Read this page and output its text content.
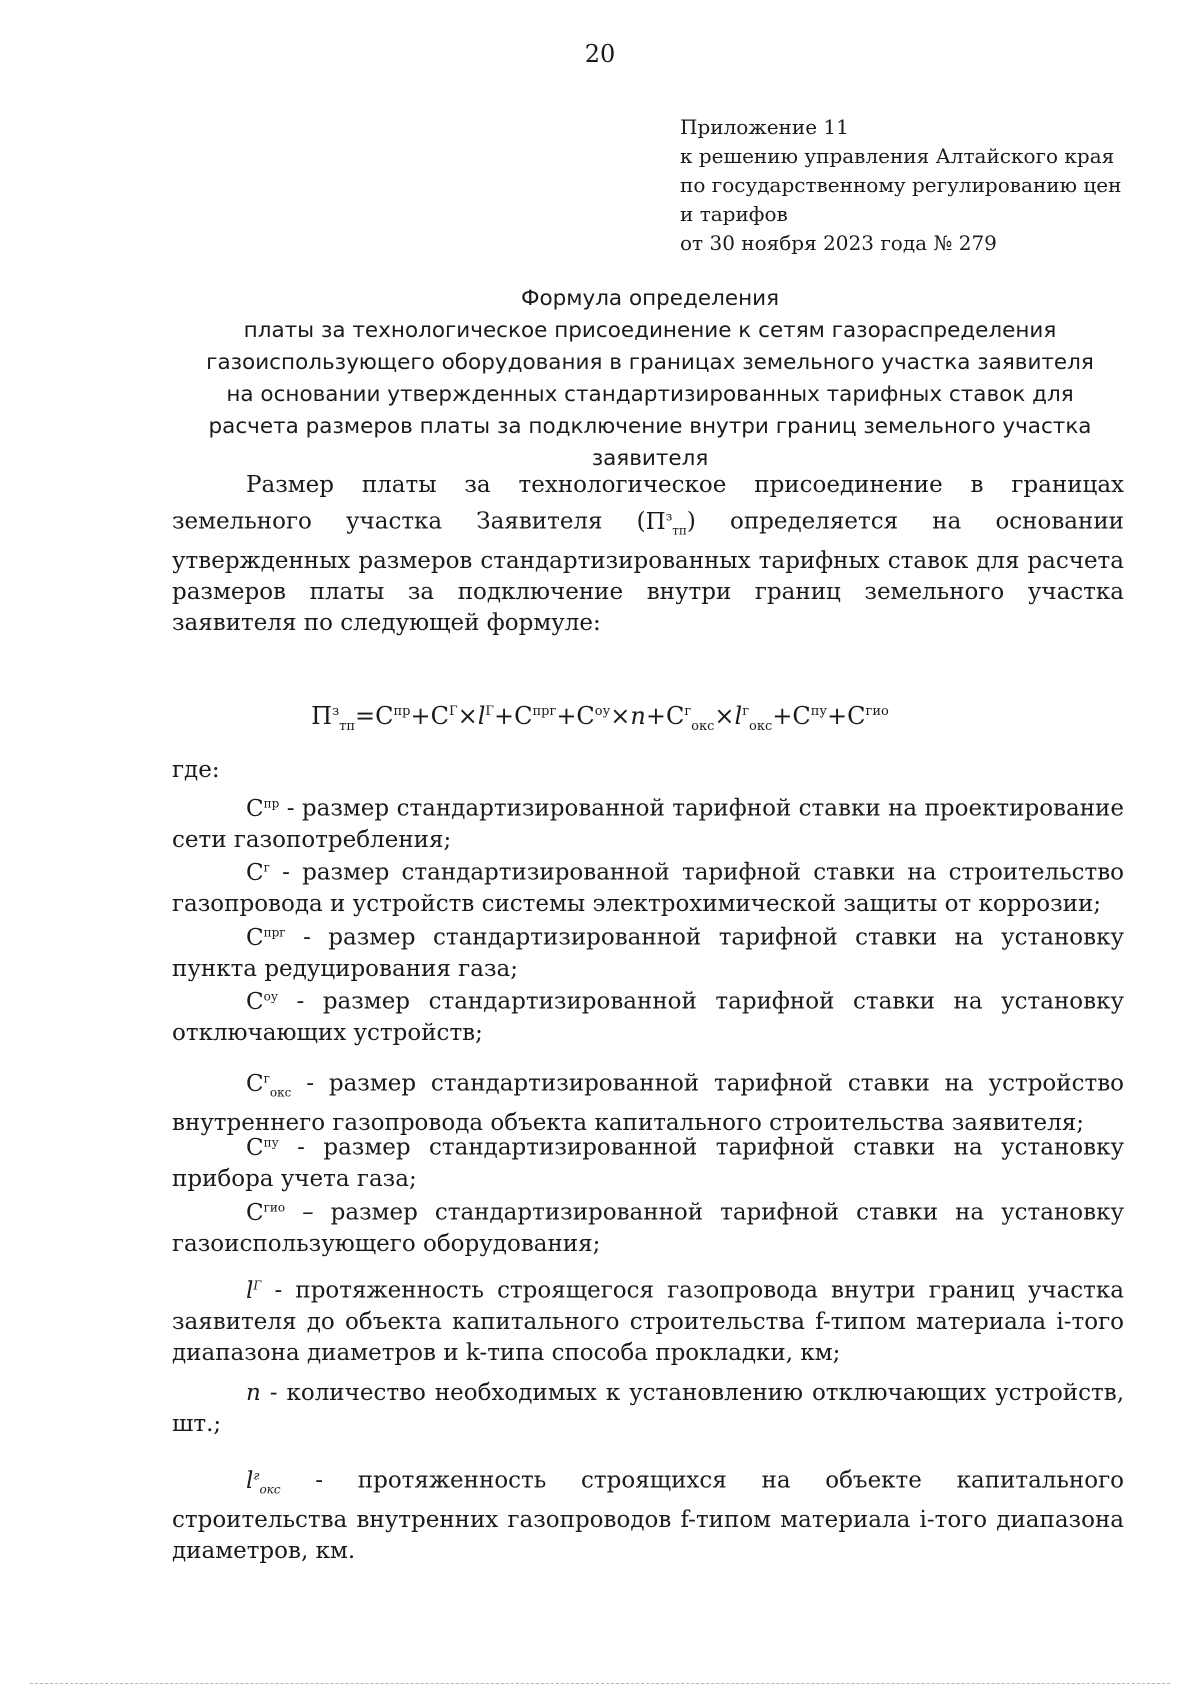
20
Приложение 11
к решению управления Алтайского края
по государственному регулированию цен
и тарифов
от 30 ноября 2023 года № 279
Формула определения
платы за технологическое присоединение к сетям газораспределения
газоиспользующего оборудования в границах земельного участка заявителя
на основании утвержденных стандартизированных тарифных ставок для
расчета размеров платы за подключение внутри границ земельного участка
заявителя

Размер платы за технологическое присоединение в границах земельного участка Заявителя $(П^з_{тп})$ определяется на основании утвержденных размеров стандартизированных тарифных ставок для расчета размеров платы за подключение внутри границ земельного участка заявителя по следующей формуле:

$П^з_{тп}=С^{пр}+С^Г\times l^Г+С^{прг}+С^{оу}\times n+С^г_{окс}\times l^г_{окс}+С^{пу}+С^{гио}$

где:

$С^{пр}$ - размер стандартизированной тарифной ставки на проектирование сети газопотребления;

$С^г$ - размер стандартизированной тарифной ставки на строительство газопровода и устройств системы электрохимической защиты от коррозии;

$С^{прг}$ - размер стандартизированной тарифной ставки на установку пункта редуцирования газа;

$С^{оу}$ - размер стандартизированной тарифной ставки на установку отключающих устройств;

$С^г_{окс}$ - размер стандартизированной тарифной ставки на устройство внутреннего газопровода объекта капитального строительства заявителя;

$С^{пу}$ - размер стандартизированной тарифной ставки на установку прибора учета газа;

$С^{гио}$ – размер стандартизированной тарифной ставки на установку газоиспользующего оборудования;

$l^Г$ - протяженность строящегося газопровода внутри границ участка заявителя до объекта капитального строительства f-типом материала i-того диапазона диаметров и k-типа способа прокладки, км;

n - количество необходимых к установлению отключающих устройств, шт.;

$l^г_{окс}$ - протяженность строящихся на объекте капитального строительства внутренних газопроводов f-типом материала i-того диапазона диаметров, км.
